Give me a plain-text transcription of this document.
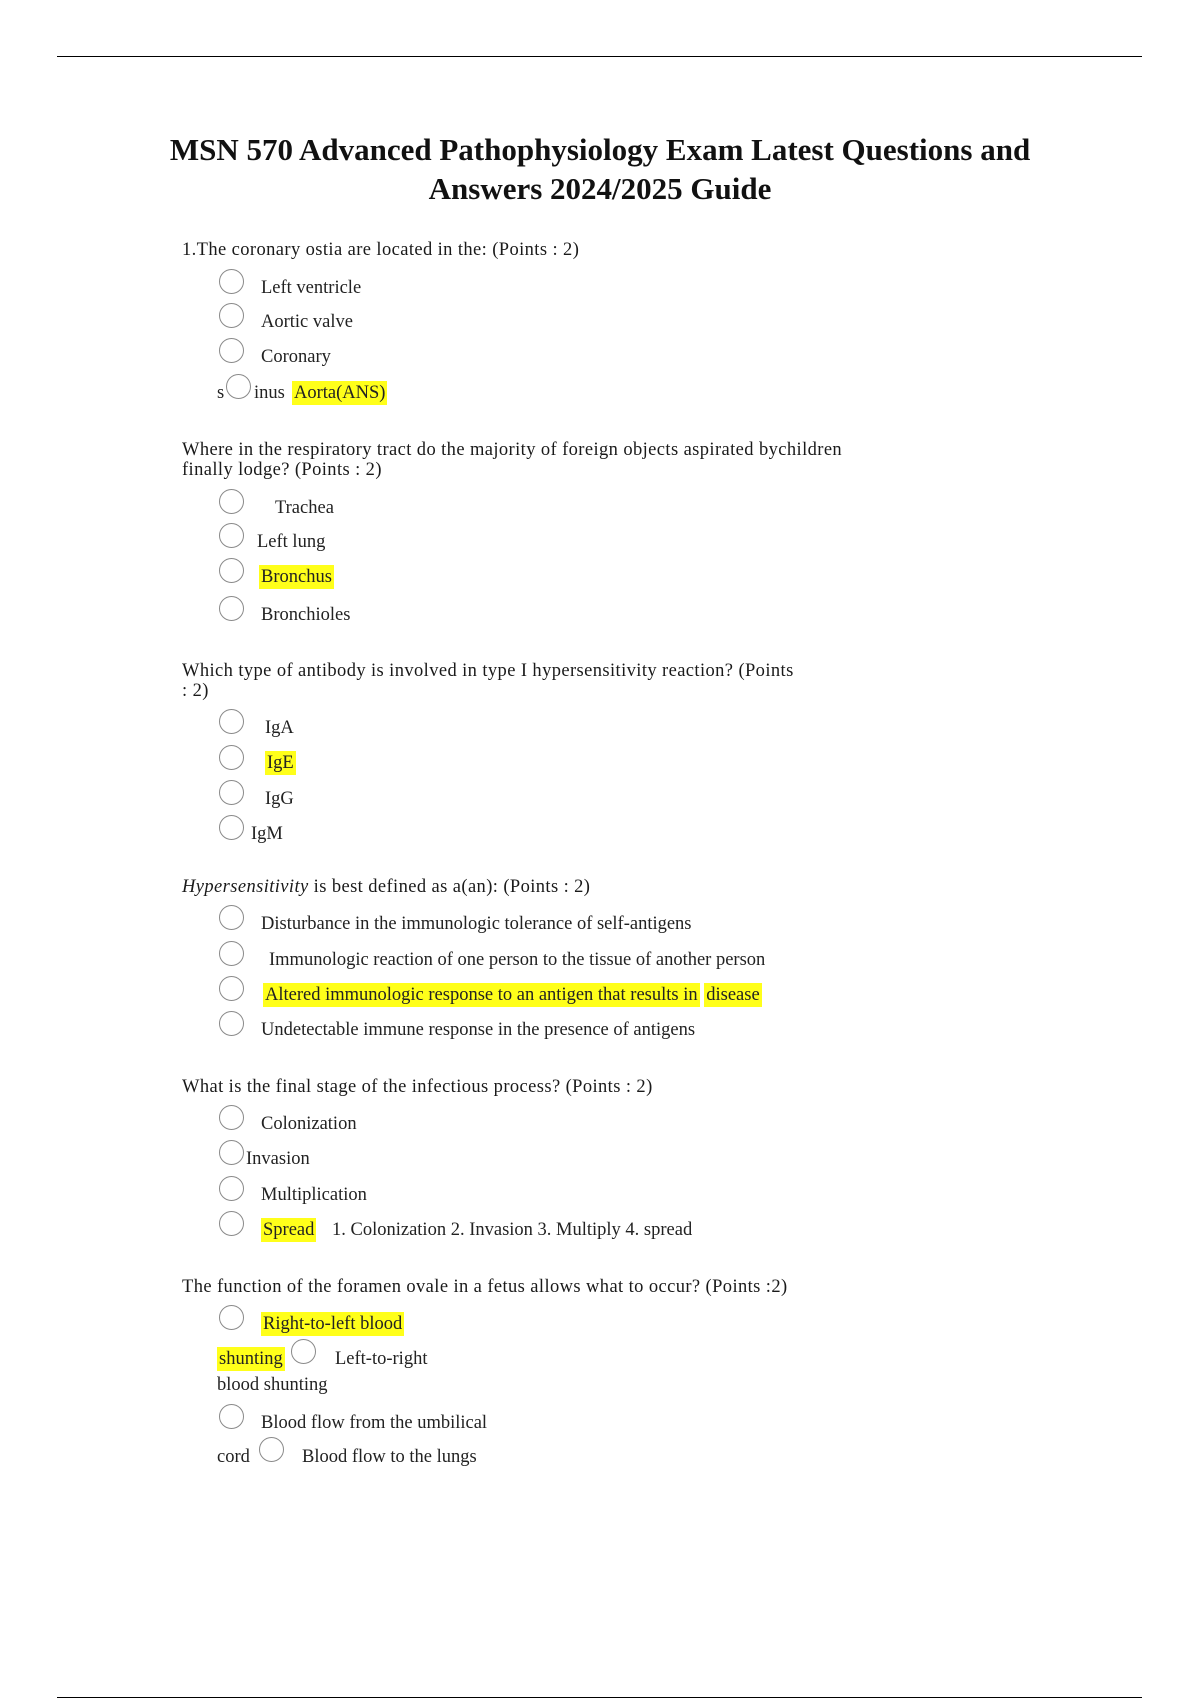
MSN 570 Advanced Pathophysiology Exam Latest Questions and
Answers 2024/2025 Guide
1.The coronary ostia are located in the: (Points : 2)
Left ventricle
Aortic valve
Coronary
s inus Aorta(ANS)
Where in the respiratory tract do the majority of foreign objects aspirated bychildren
finally lodge? (Points : 2)
Trachea
Left lung
Bronchus
Bronchioles
Which type of antibody is involved in type I hypersensitivity reaction? (Points
: 2)
IgA
IgE
IgG
IgM
Hypersensitivity is best defined as a(an): (Points : 2)
Disturbance in the immunologic tolerance of self-antigens
Immunologic reaction of one person to the tissue of another person
Altered immunologic response to an antigen that results in disease
Undetectable immune response in the presence of antigens
What is the final stage of the infectious process? (Points : 2)
Colonization
Invasion
Multiplication
Spread 1. Colonization 2. Invasion 3. Multiply 4. spread
The function of the foramen ovale in a fetus allows what to occur? (Points :2)
Right-to-left blood
shunting	Left-to-right
blood shunting
Blood flow from the umbilical
cord	Blood flow to the lungs
